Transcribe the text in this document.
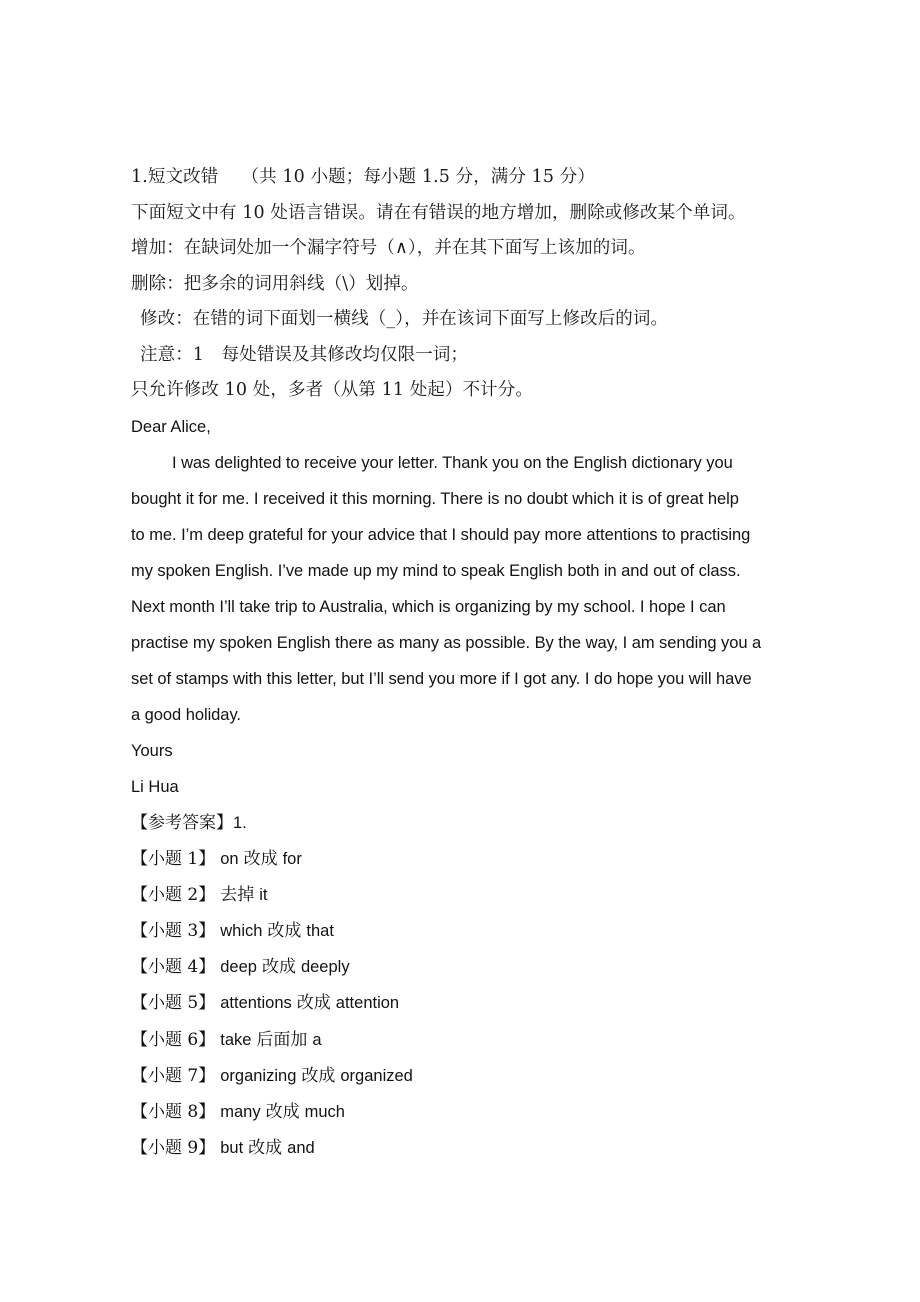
1.短文改错　 （共 10 小题；每小题 1.5 分，满分 15 分）
下面短文中有 10 处语言错误。请在有错误的地方增加，删除或修改某个单词。
增加：在缺词处加一个漏字符号（∧），并在其下面写上该加的词。
删除：把多余的词用斜线（\）划掉。
修改：在错的词下面划一横线（_），并在该词下面写上修改后的词。
注意：1　每处错误及其修改均仅限一词；
只允许修改 10 处，多者（从第 11 处起）不计分。
Dear Alice,
I was delighted to receive your letter. Thank you on the English dictionary you
bought it for me. I received it this morning. There is no doubt which it is of great help
to me. I’m deep grateful for your advice that I should pay more attentions to practising
my spoken English. I’ve made up my mind to speak English both in and out of class.
Next month I’ll take trip to Australia, which is organizing by my school. I hope I can
practise my spoken English there as many as possible. By the way, I am sending you a
set of stamps with this letter, but I’ll send you more if I got any. I do hope you will have
a good holiday.
Yours
Li Hua
【参考答案】1.
【小题 1】 on 改成 for
【小题 2】 去掉 it
【小题 3】 which 改成 that
【小题 4】 deep 改成 deeply
【小题 5】 attentions 改成 attention
【小题 6】 take 后面加 a
【小题 7】 organizing 改成 organized
【小题 8】 many 改成 much
【小题 9】 but 改成 and
